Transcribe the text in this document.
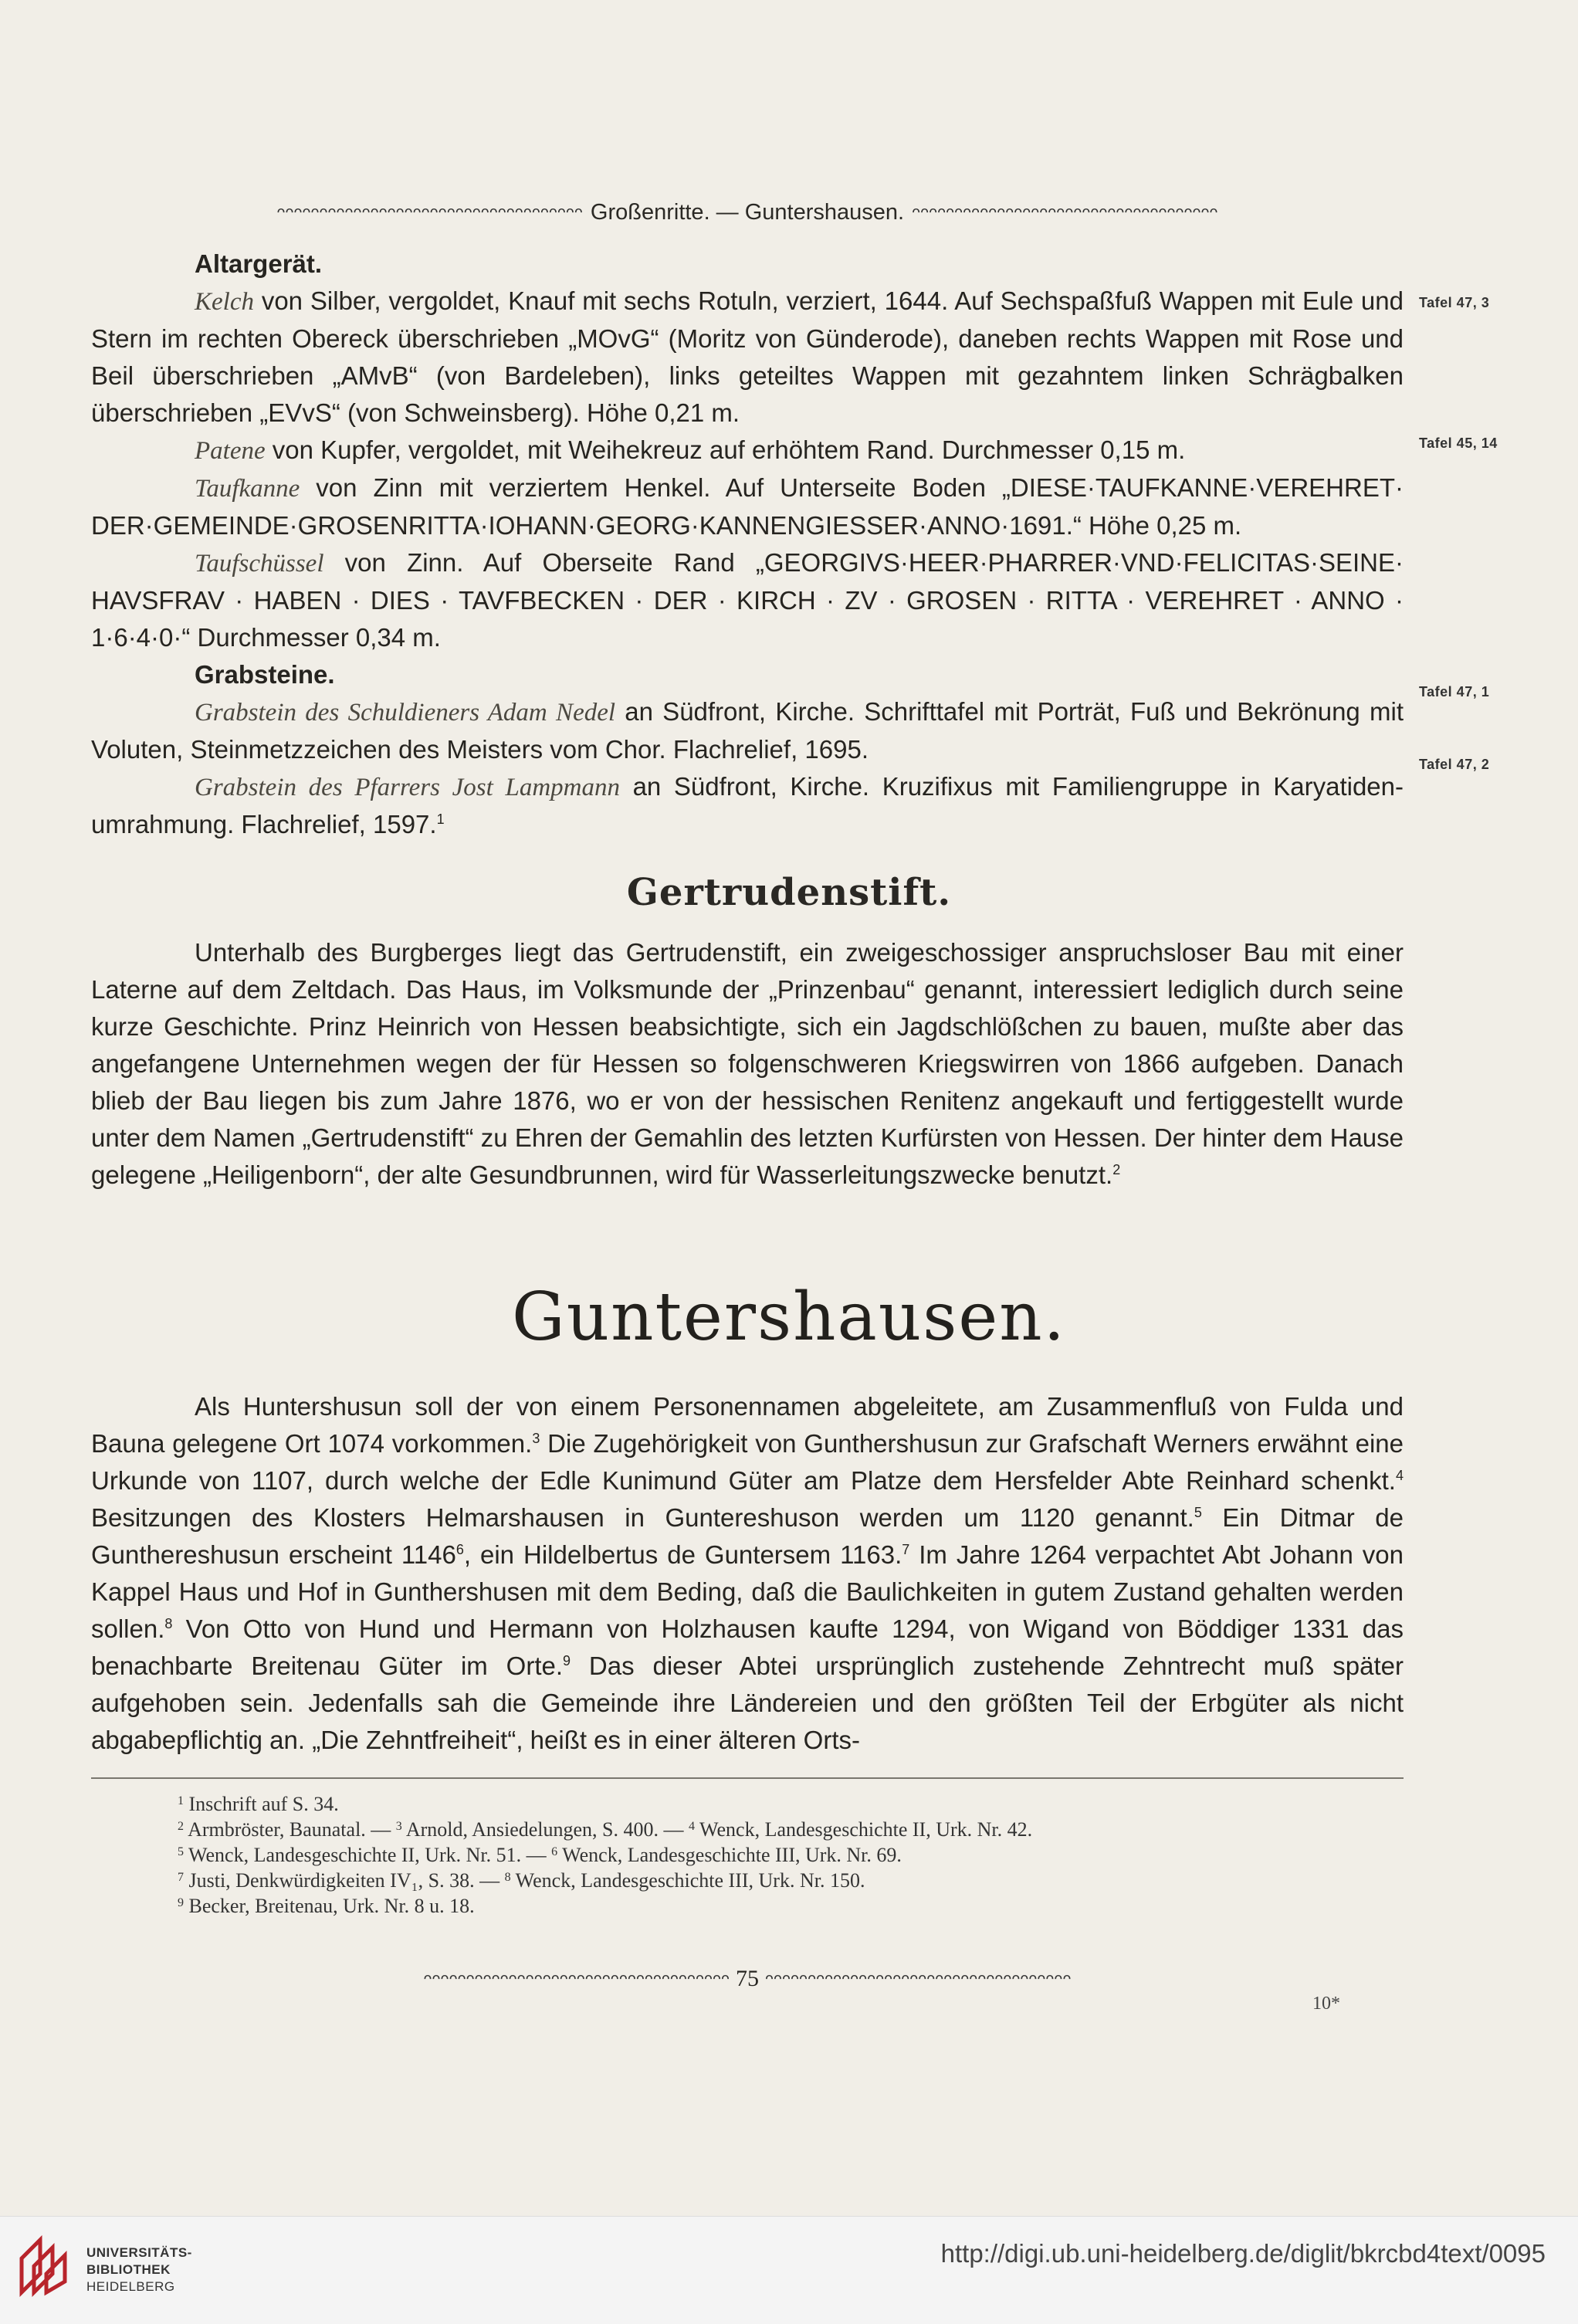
ᴖᴖᴖᴖᴖᴖᴖᴖᴖᴖᴖᴖᴖᴖᴖᴖᴖᴖᴖᴖᴖᴖᴖᴖᴖᴖᴖᴖᴖᴖᴖᴖᴖᴖᴖᴖ Großenritte. — Guntershausen. ᴖᴖᴖᴖᴖᴖᴖᴖᴖᴖᴖᴖᴖᴖᴖᴖᴖᴖᴖᴖᴖᴖᴖᴖᴖᴖᴖᴖᴖᴖᴖᴖᴖᴖᴖᴖ
Altargerät.

Kelch von Silber, vergoldet, Knauf mit sechs Rotuln, verziert, 1644. Auf Sechspaßfuß Wappen mit Eule und Stern im rechten Obereck überschrieben „MOvG“ (Moritz von Günderode), daneben rechts Wappen mit Rose und Beil überschrieben „AMvB“ (von Bardeleben), links geteiltes Wappen mit gezahntem linken Schrägbalken überschrieben „EVvS“ (von Schweinsberg). Höhe 0,21 m.

Patene von Kupfer, vergoldet, mit Weihekreuz auf erhöhtem Rand. Durchmesser 0,15 m.

Taufkanne von Zinn mit verziertem Henkel. Auf Unterseite Boden „DIESE·TAUFKANNE·VEREHRET· DER·GEMEINDE·GROSENRITTA·IOHANN·GEORG·KANNENGIESSER·ANNO·1691.“ Höhe 0,25 m.

Taufschüssel von Zinn. Auf Oberseite Rand „GEORGIVS·HEER·PHARRER·VND·FELICITAS·SEINE· HAVSFRAV · HABEN · DIES · TAVFBECKEN · DER · KIRCH · ZV · GROSEN · RITTA · VEREHRET · ANNO · 1·6·4·0·“ Durchmesser 0,34 m.

Grabsteine.

Grabstein des Schuldieners Adam Nedel an Südfront, Kirche. Schrifttafel mit Porträt, Fuß und Bekrönung mit Voluten, Steinmetzzeichen des Meisters vom Chor. Flachrelief, 1695.

Grabstein des Pfarrers Jost Lampmann an Südfront, Kirche. Kruzifixus mit Familiengruppe in Karyatiden-umrahmung. Flachrelief, 1597.$^1$

Tafel 47, 3
Tafel 45, 14
Tafel 47, 1
Tafel 47, 2
Gertrudenstift.

Unterhalb des Burgberges liegt das Gertrudenstift, ein zweigeschossiger anspruchsloser Bau mit einer Laterne auf dem Zeltdach. Das Haus, im Volksmunde der „Prinzenbau“ genannt, interessiert lediglich durch seine kurze Geschichte. Prinz Heinrich von Hessen beabsichtigte, sich ein Jagdschlößchen zu bauen, mußte aber das angefangene Unternehmen wegen der für Hessen so folgenschweren Kriegswirren von 1866 aufgeben. Danach blieb der Bau liegen bis zum Jahre 1876, wo er von der hessischen Renitenz angekauft und fertiggestellt wurde unter dem Namen „Gertrudenstift“ zu Ehren der Gemahlin des letzten Kurfürsten von Hessen. Der hinter dem Hause gelegene „Heiligenborn“, der alte Gesundbrunnen, wird für Wasserleitungszwecke benutzt.$^2$

Guntershausen.

Als Huntershusun soll der von einem Personennamen abgeleitete, am Zusammenfluß von Fulda und Bauna gelegene Ort 1074 vorkommen.$^3$ Die Zugehörigkeit von Gunthershusun zur Grafschaft Werners erwähnt eine Urkunde von 1107, durch welche der Edle Kunimund Güter am Platze dem Hersfelder Abte Reinhard schenkt.$^4$ Besitzungen des Klosters Helmarshausen in Guntereshuson werden um 1120 genannt.$^5$ Ein Ditmar de Gunthereshusun erscheint 1146$^6$, ein Hildelbertus de Guntersem 1163.$^7$ Im Jahre 1264 verpachtet Abt Johann von Kappel Haus und Hof in Gunthershusen mit dem Beding, daß die Baulichkeiten in gutem Zustand gehalten werden sollen.$^8$ Von Otto von Hund und Hermann von Holzhausen kaufte 1294, von Wigand von Böddiger 1331 das benachbarte Breitenau Güter im Orte.$^9$ Das dieser Abtei ursprünglich zustehende Zehntrecht muß später aufgehoben sein. Jedenfalls sah die Gemeinde ihre Ländereien und den größten Teil der Erbgüter als nicht abgabepflichtig an. „Die Zehntfreiheit“, heißt es in einer älteren Orts-

$^1$ Inschrift auf S. 34.
$^2$ Armbröster, Baunatal. — $^3$ Arnold, Ansiedelungen, S. 400. — $^4$ Wenck, Landesgeschichte II, Urk. Nr. 42.
$^5$ Wenck, Landesgeschichte II, Urk. Nr. 51. — $^6$ Wenck, Landesgeschichte III, Urk. Nr. 69.
$^7$ Justi, Denkwürdigkeiten IV₁, S. 38. — $^8$ Wenck, Landesgeschichte III, Urk. Nr. 150.
$^9$ Becker, Breitenau, Urk. Nr. 8 u. 18.
ᴖᴖᴖᴖᴖᴖᴖᴖᴖᴖᴖᴖᴖᴖᴖᴖᴖᴖᴖᴖᴖᴖᴖᴖᴖᴖᴖᴖᴖᴖᴖᴖᴖᴖᴖᴖ 75 ᴖᴖᴖᴖᴖᴖᴖᴖᴖᴖᴖᴖᴖᴖᴖᴖᴖᴖᴖᴖᴖᴖᴖᴖᴖᴖᴖᴖᴖᴖᴖᴖᴖᴖᴖᴖ
10*
UNIVERSITÄTS-
BIBLIOTHEK
HEIDELBERG
http://digi.ub.uni-heidelberg.de/diglit/bkrcbd4text/0095
